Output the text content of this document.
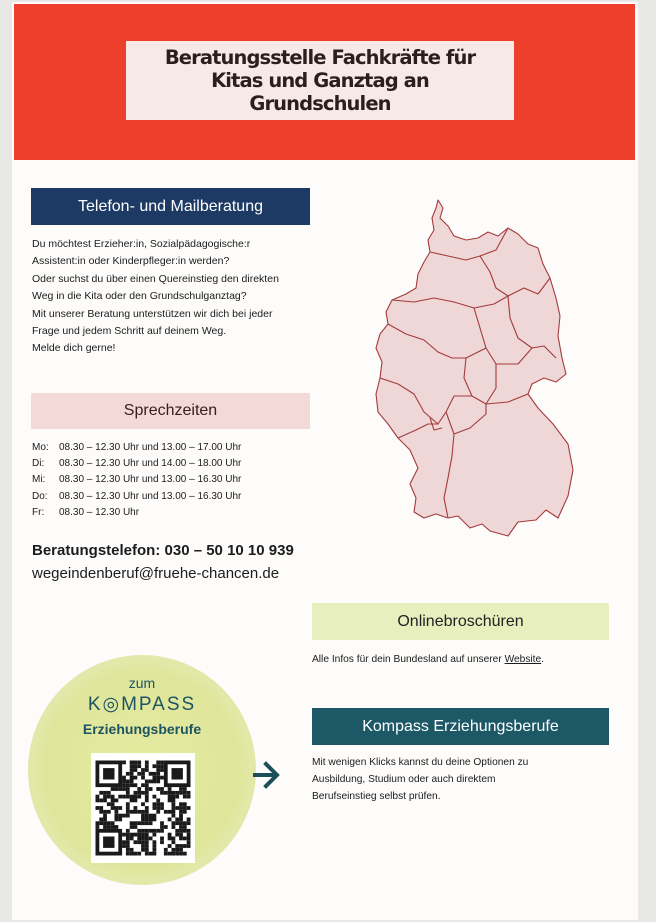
Beratungsstelle Fachkräfte für
Kitas und Ganztag an
Grundschulen
Telefon- und Mailberatung
Du möchtest Erzieher:in, Sozialpädagogische:r
Assistent:in oder Kinderpfleger:in werden?
Oder suchst du über einen Quereinstieg den direkten
Weg in die Kita oder den Grundschulganztag?
Mit unserer Beratung unterstützen wir dich bei jeder
Frage und jedem Schritt auf deinem Weg.
Melde dich gerne!
Sprechzeiten
Mo:	08.30 – 12.30 Uhr und 13.00 – 17.00 Uhr
Di:	08.30 – 12.30 Uhr und 14.00 – 18.00 Uhr
Mi:	08.30 – 12.30 Uhr und 13.00 – 16.30 Uhr
Do:	08.30 – 12.30 Uhr und 13.00 – 16.30 Uhr
Fr:	08.30 – 12.30 Uhr
Beratungstelefon: 030 – 50 10 10 939
wegeindenberuf@fruehe-chancen.de
Onlinebroschüren
Alle Infos für dein Bundesland auf unserer Website.
Kompass Erziehungsberufe
Mit wenigen Klicks kannst du deine Optionen zu
Ausbildung, Studium oder auch direktem
Berufseinstieg selbst prüfen.
zum
K◎MPASS
Erziehungsberufe
